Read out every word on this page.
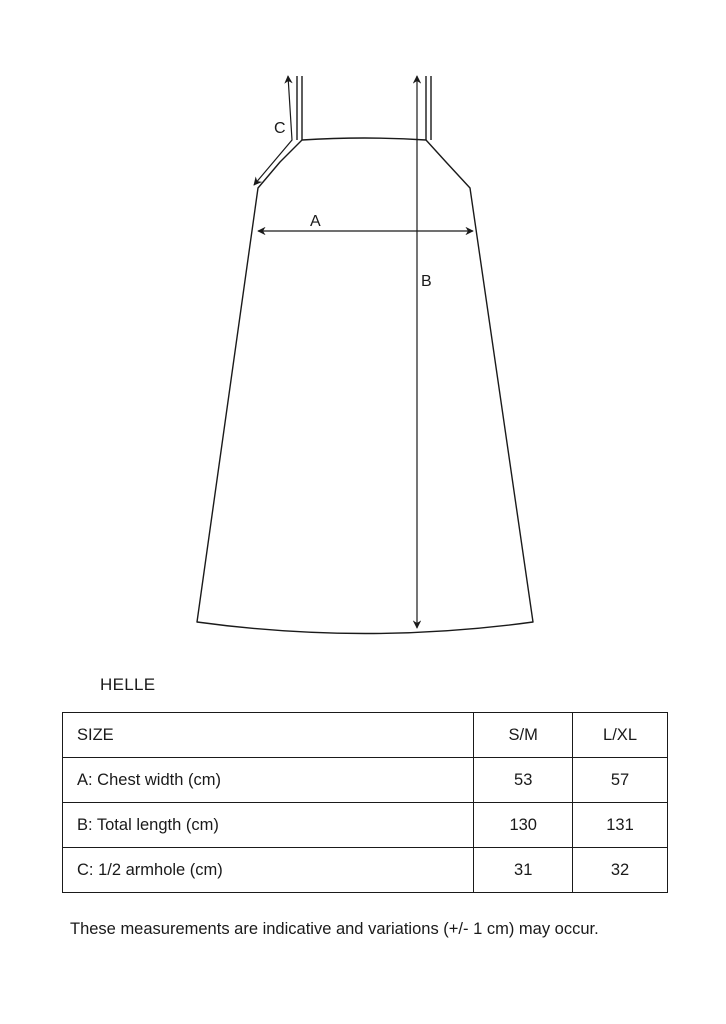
A
B
C
HELLE
SIZE	S/M	L/XL
A: Chest width (cm)	53	57
B: Total length (cm)	130	131
C: 1/2 armhole (cm)	31	32
These measurements are indicative and variations (+/- 1 cm) may occur.
